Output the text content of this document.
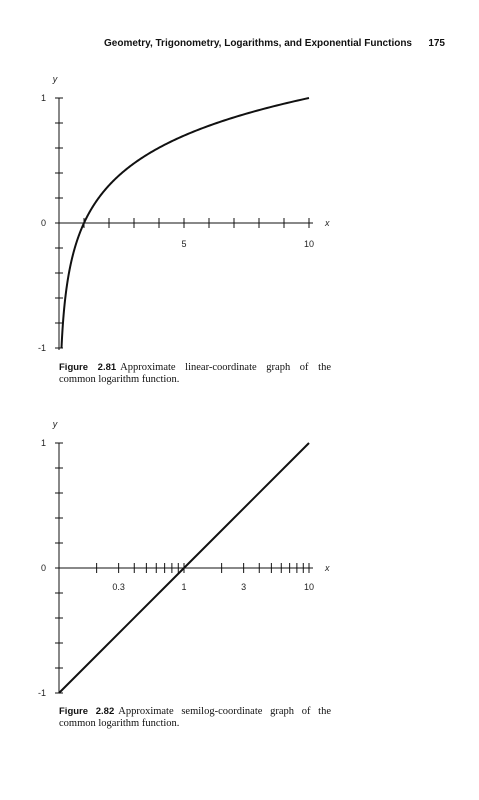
Geometry, Trigonometry, Logarithms, and Exponential Functions 175
1
0
-1
5	10
y
x
Figure 2.81 Approximate linear-coordinate graph of the common logarithm function.
1
0
-1
0.3	1	3	10
y
x
Figure 2.82 Approximate semilog-coordinate graph of the common logarithm function.
